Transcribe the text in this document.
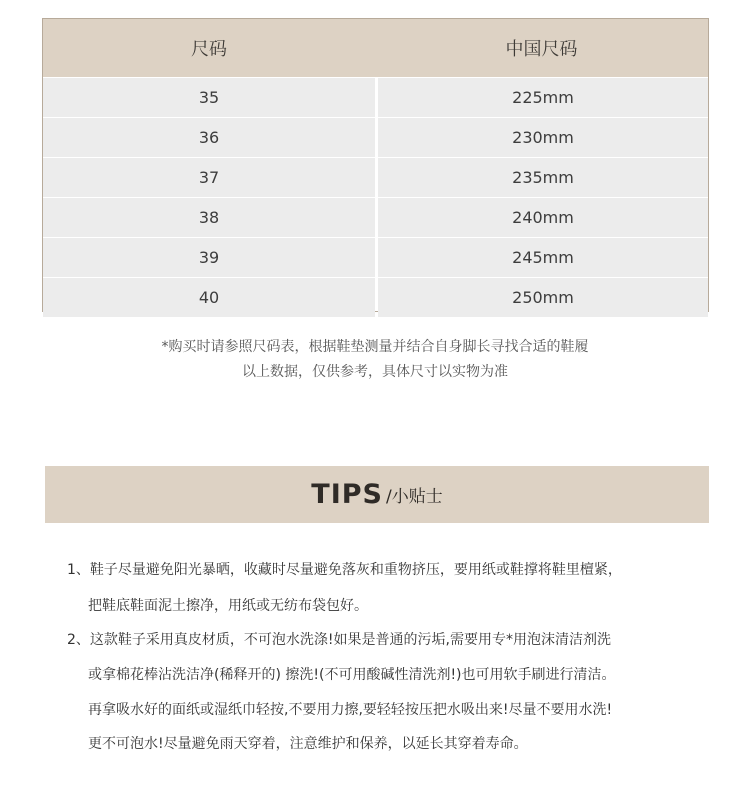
尺码	中国尺码
35	225mm
36	230mm
37	235mm
38	240mm
39	245mm
40	250mm
*购买时请参照尺码表，根据鞋垫测量并结合自身脚长寻找合适的鞋履
以上数据，仅供参考，具体尺寸以实物为准
TIPS /小贴士
1、鞋子尽量避免阳光暴晒，收藏时尽量避免落灰和重物挤压，要用纸或鞋撑将鞋里檀紧，
把鞋底鞋面泥土擦净，用纸或无纺布袋包好。
2、这款鞋子采用真皮材质，不可泡水洗涤!如果是普通的污垢,需要用专*用泡沫清洁剂洗
或拿棉花棒沾洗洁净(稀释开的) 擦洗!(不可用酸碱性清洗剂!)也可用软手刷进行清洁。
再拿吸水好的面纸或湿纸巾轻按,不要用力擦,要轻轻按压把水吸出来!尽量不要用水洗!
更不可泡水!尽量避免雨天穿着，注意维护和保养，以延长其穿着寿命。
